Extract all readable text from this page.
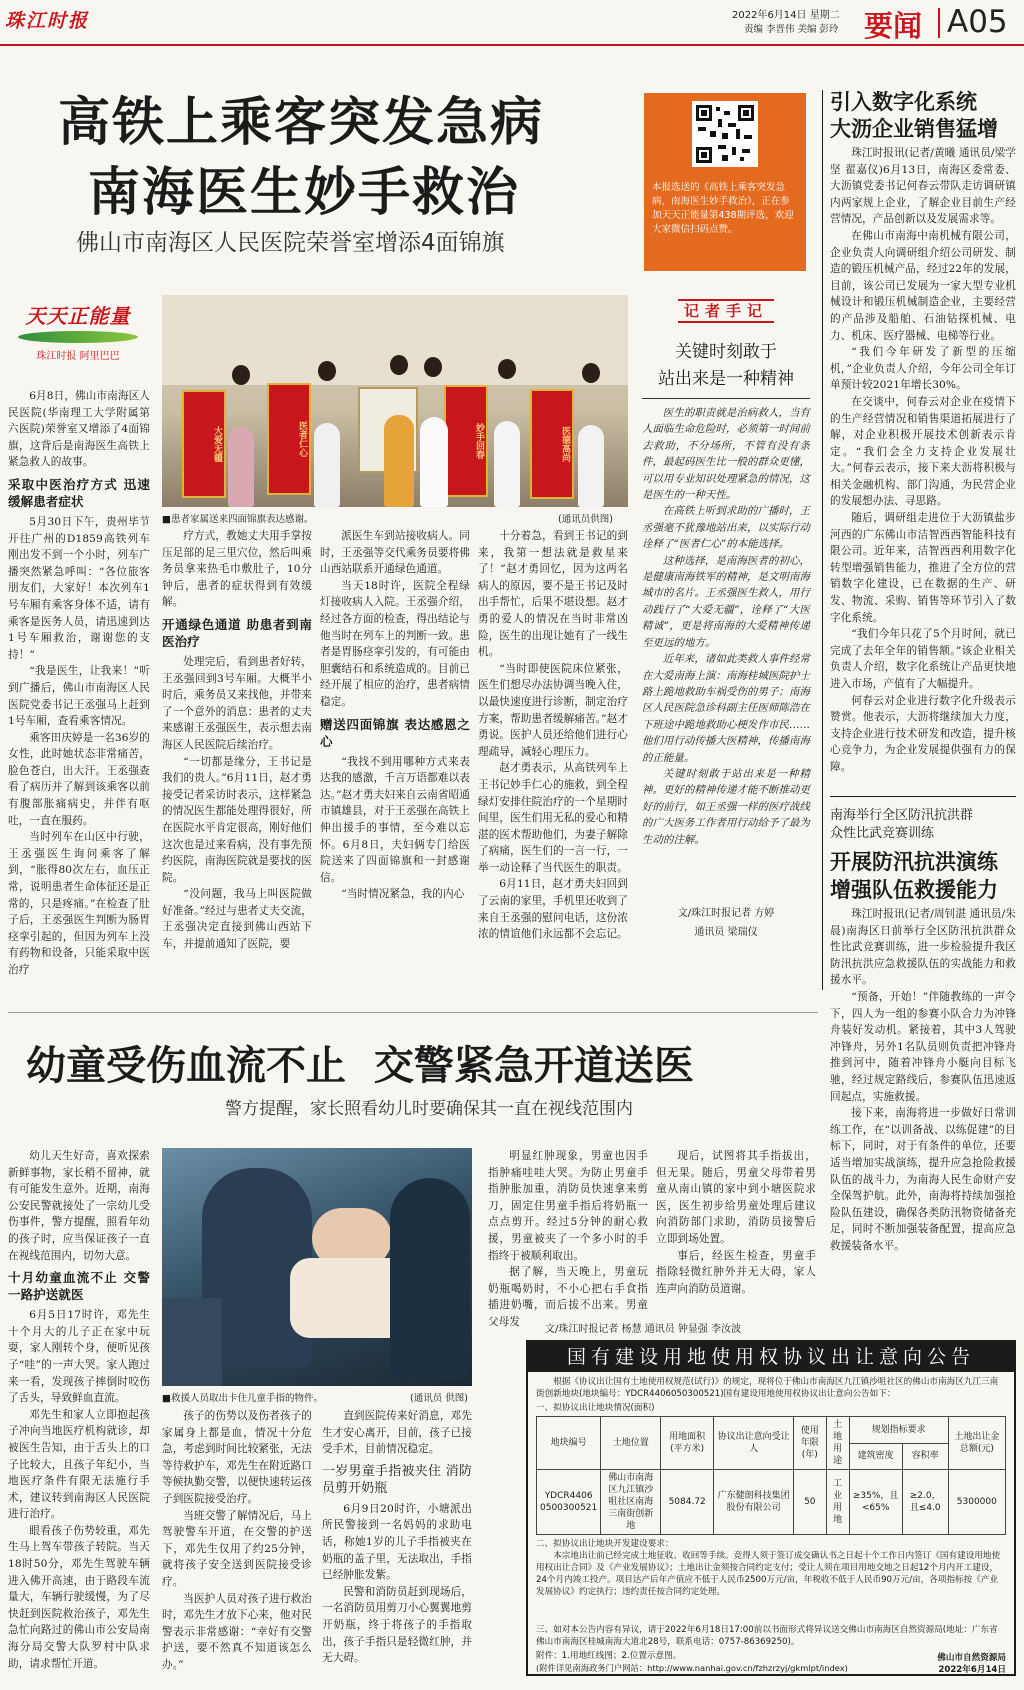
珠江时报	2022年6月14日 星期二
责编 李晋伟 美编 彭玲 要闻 A05
高铁上乘客突发急病
南海医生妙手救治
佛山市南海区人民医院荣誉室增添4面锦旗
本报选送的《高铁上乘客突发急病，南海医生妙手救治》，正在参加天天正能量第438期评选，欢迎大家微信扫码点赞。
天天正能量
珠江时报 阿里巴巴

6月8日，佛山市南海区人民医院(华南理工大学附属第六医院)荣誉室又增添了4面锦旗，这背后是南海医生高铁上紧急救人的故事。

采取中医治疗方式 迅速缓解患者症状

5月30日下午，贵州毕节开往广州的D1859高铁列车刚出发不到一个小时，列车广播突然紧急呼叫：“各位旅客朋友们，大家好！本次列车1号车厢有乘客身体不适，请有乘客是医务人员，请迅速到达1号车厢救治，谢谢您的支持！”

“我是医生，让我来！”听到广播后，佛山市南海区人民医院党委书记王丞强马上赶到1号车厢，查看乘客情况。

乘客田庆婷是一名36岁的女性，此时她状态非常痛苦，脸色苍白，出大汗。王丞强查看了病历并了解到该乘客以前有腹部胀痛病史，并伴有呕吐，一直在服药。

当时列车在山区中行驶，王丞强医生询问乘客了解到，“胀得80次左右，血压正常，说明患者生命体征还是正常的，只是疼痛。”在检查了肚子后，王丞强医生判断为肠胃痉挛引起的，但因为列车上没有药物和设备，只能采取中医治疗

大爱无疆	医者仁心	妙手回春	医德高尚
■患者家属送来四面锦旗表达感谢。	(通讯员供图)

疗方式，教她丈夫用手掌按压足部的足三里穴位，然后叫乘务员拿来热毛巾敷肚子，10分钟后，患者的症状得到有效缓解。

开通绿色通道 助患者到南医治疗

处理完后，看到患者好转，王丞强回到3号车厢。大概半小时后，乘务员又来找他，并带来了一个意外的消息：患者的丈夫来感谢王丞强医生，表示想去南海区人民医院后续治疗。

“一切都是缘分，王书记是我们的贵人。”6月11日，赵才勇接受记者采访时表示，这样紧急的情况医生都能处理得很好，所在医院水平肯定很高，刚好他们这次也是过来看病，没有事先预约医院，南海医院就是要找的医院。

“没问题，我马上叫医院做好准备。”经过与患者丈夫交流，王丞强决定直接到佛山西站下车，并提前通知了医院，要

派医生车到站接收病人。同时，王丞强等交代乘务员要将佛山西站联系开通绿色通道。

当天18时许，医院全程绿灯接收病人入院。王丞强介绍，经过各方面的检查，得出结论与他当时在列车上的判断一致。患者是胃肠痉挛引发的，有可能由胆囊结石和系统造成的。目前已经开展了相应的治疗，患者病情稳定。

赠送四面锦旗 表达感恩之心

“我找不到用哪种方式来表达我的感激，千言万语都难以表达。”赵才勇夫妇来自云南省昭通市镇雄县，对于王丞强在高铁上伸出援手的事情，至今难以忘怀。6月8日，夫妇俩专门给医院送来了四面锦旗和一封感谢信。

“当时情况紧急，我的内心

十分着急，看到王书记的到来，我第一想法就是救星来了！”赵才勇回忆，因为这两名病人的原因，要不是王书记及时出手帮忙，后果不堪设想。赵才勇的爱人的情况在当时非常凶险，医生的出现让她有了一线生机。

“当时即使医院床位紧张，医生们想尽办法协调当晚入住，以最快速度进行诊断，制定治疗方案，帮助患者缓解痛苦。”赵才勇说。医护人员还给他们进行心理疏导，减轻心理压力。

赵才勇表示，从高铁列车上王书记妙手仁心的施救，到全程绿灯安排住院治疗的一个星期时间里，医生们用无私的爱心和精湛的医术帮助他们，为妻子解除了病痛，医生们的一言一行，一举一动诠释了当代医生的职责。

6月11日，赵才勇夫妇回到了云南的家里，手机里还收到了来自王丞强的慰问电话，这份浓浓的情谊他们永远都不会忘记。

记者手记
关键时刻敢于
站出来是一种精神

医生的职责就是治病救人，当有人面临生命危险时，必须第一时间前去救助，不分场所，不管有没有条件，最起码医生比一般的群众更懂，可以用专业知识处理紧急的情况，这是医生的一种天性。

在高铁上听到求助的广播时，王丞强毫不犹豫地站出来，以实际行动诠释了“医者仁心”的本能选择。

这种选择，是南海医者的初心，是健康南海铁军的精神，是文明南海城市的名片。王丞强医生救人，用行动践行了“大爱无疆”，诠释了“大医精诚”，更是将南海的大爱精神传递至更远的地方。

近年来，诸如此类救人事件经常在大爱南海上演：南海桂城医院护士路上跪地救助车祸受伤的男子；南海区人民医院急诊科副主任医师陈浩在下班途中跪地救助心梗发作市民……他们用行动传播大医精神，传播南海的正能量。

关键时刻敢于站出来是一种精神。更好的精神传递才能不断推动更好的前行，如王丞强一样的医疗战线的广大医务工作者用行动给予了最为生动的注解。

文/珠江时报记者 方婷
通讯员 梁瑞仪
引入数字化系统
大沥企业销售猛增

珠江时报讯(记者/黄曦 通讯员/梁学坚 翟嘉仪)6月13日，南海区委常委、大沥镇党委书记何春云带队走访调研镇内两家规上企业，了解企业目前生产经营情况，产品创新以及发展需求等。

在佛山市南海中南机械有限公司，企业负责人向调研组介绍公司研发、制造的锻压机械产品，经过22年的发展，目前，该公司已发展为一家大型专业机械设计和锻压机械制造企业，主要经营的产品涉及船舶、石油钻探机械、电力、机床、医疗器械、电梯等行业。

“我们今年研发了新型的压缩机，”企业负责人介绍，今年公司全年订单预计较2021年增长30%。

在交谈中，何春云对企业在疫情下的生产经营情况和销售渠道拓展进行了解，对企业积极开展技术创新表示肯定。“我们会全力支持企业发展壮大。”何春云表示，接下来大沥将积极与相关金融机构、部门沟通，为民营企业的发展想办法、寻思路。

随后，调研组走进位于大沥镇盐步河西的广东佛山市洁智西西智能科技有限公司。近年来，洁智西西利用数字化转型增强销售能力，推进了全方位的营销数字化建设，已在数据的生产、研发、物流、采购、销售等环节引入了数字化系统。

“我们今年只花了5个月时间，就已完成了去年全年的销售额。”该企业相关负责人介绍，数字化系统让产品更快地进入市场，产值有了大幅提升。

何春云对企业进行数字化升级表示赞赏。他表示，大沥将继续加大力度，支持企业进行技术研发和改造，提升核心竞争力，为企业发展提供强有力的保障。

南海举行全区防汛抗洪群
众性比武竞赛训练
开展防汛抗洪演练
增强队伍救援能力

珠江时报讯(记者/周钊湛 通讯员/朱晨)南海区日前举行全区防汛抗洪群众性比武竞赛训练，进一步检验提升我区防汛抗洪应急救援队伍的实战能力和救援水平。

“预备，开始！”伴随教练的一声令下，四人为一组的参赛小队合力为冲锋舟装好发动机。紧接着，其中3人驾驶冲锋舟，另外1名队员则负责把冲锋舟推到河中，随着冲锋舟小艇向目标飞驰，经过规定路线后，参赛队伍迅速返回起点，实施救援。

接下来，南海将进一步做好日常训练工作，在“以训备战、以练促建”的目标下，同时，对于有条件的单位，还要适当增加实战演练，提升应急抢险救援队伍的战斗力，为南海人民生命财产安全保驾护航。此外，南海将持续加强抢险队伍建设，确保各类防汛物资储备充足，同时不断加强装备配置，提高应急救援装备水平。

幼童受伤血流不止  交警紧急开道送医
警方提醒，家长照看幼儿时要确保其一直在视线范围内

幼儿天生好奇，喜欢探索新鲜事物，家长稍不留神，就有可能发生意外。近期，南海公安民警就接处了一宗幼儿受伤事件，警方提醒，照看年幼的孩子时，应当保证孩子一直在视线范围内，切勿大意。

十月幼童血流不止 交警一路护送就医

6月5日17时许，邓先生十个月大的儿子正在家中玩耍，家人刚转个身，便听见孩子“哇”的一声大哭。家人跑过来一看，发现孩子摔倒时咬伤了舌头，导致鲜血直流。

邓先生和家人立即抱起孩子冲向当地医疗机构就诊，却被医生告知，由于舌头上的口子比较大，且孩子年纪小，当地医疗条件有限无法施行手术，建议转到南海区人民医院进行治疗。

眼看孩子伤势较重，邓先生马上驾车带孩子转院。当天18时50分，邓先生驾驶车辆进入佛开高速，由于路段车流量大，车辆行驶缓慢，为了尽快赶到医院救治孩子，邓先生急忙向路过的佛山市公安局南海分局交警大队罗村中队求助，请求帮忙开道。

■救援人员取出卡住儿童手指的物件。	(通讯员 供图)

孩子的伤势以及伤者孩子的家属身上都是血，情况十分危急，考虑到时间比较紧张，无法等待救护车，邓先生在附近路口等候执勤交警，以便快速转运孩子到医院接受治疗。

当班交警了解情况后，马上驾驶警车开道，在交警的护送下，邓先生仅用了约25分钟，就将孩子安全送到医院接受诊疗。

当医护人员对孩子进行救治时，邓先生才放下心来，他对民警表示非常感谢：“幸好有交警护送，要不然真不知道该怎么办。”

直到医院传来好消息，邓先生才安心离开，目前，孩子已接受手术，目前情况稳定。

一岁男童手指被夹住 消防员剪开奶瓶

6月9日20时许，小塘派出所民警接到一名妈妈的求助电话，称她1岁的儿子手指被夹在奶瓶的盖子里，无法取出，手指已经肿胀发紫。

民警和消防员赶到现场后，一名消防员用剪刀小心翼翼地剪开奶瓶，终于将孩子的手指取出，孩子手指只是轻微红肿，并无大碍。

明显红肿现象，男童也因手指肿痛哇哇大哭。为防止男童手指肿胀加重，消防员快速拿来剪刀，固定住男童手指后将奶瓶一点点剪开。经过5分钟的耐心救援，男童被夹了一个多小时的手指终于被顺利取出。

据了解，当天晚上，男童玩奶瓶喝奶时，不小心把右手食指插进奶嘴，而后拔不出来。男童父母发

现后，试图将其手指拔出，但无果。随后，男童父母带着男童从南山镇的家中到小塘医院求医，医生初步给男童处理后建议向消防部门求助，消防员接警后立即到场处置。

事后，经医生检查，男童手指除轻微红肿外并无大碍，家人连声向消防员道谢。

文/珠江时报记者 杨慧 通讯员 钟显强 李汝波
国有建设用地使用权协议出让意向公告
根据《协议出让国有土地使用权规范(试行)》的规定，现将位于佛山市南海区九江镇沙咀社区的佛山市南海区九江三南街创新地块(地块编号：YDCR4406050300521)国有建设用地使用权协议出让意向公告如下：
一、拟协议出让地块情况(面积)
地块编号	土地位置	用地面积(平方米)	协议出让意向受让人	使用年限(年)	土地用途	规划指标要求		土地出让金总额(元)
						建筑密度	容积率	
YDCR4406 0500300521	佛山市南海区九江镇沙咀社区南海三南街创新地	5084.72	广东健朗科技集团股份有限公司	50	工业用地	≥35%，且<65%	≥2.0，且≤4.0	5300000
二、拟协议出让地块开发建设要求：
本宗地出让前已经完成土地征收、收回等手续。竞得人须于签订成交确认书之日起十个工作日内签订《国有建设用地使用权出让合同》及《产业发展协议》；土地出让金须按合同约定支付；受让人须在项目用地交地之日起12个月内开工建设，24个月内竣工投产。项目达产后年产值应不低于人民币2500万元/亩，年税收不低于人民币90万元/亩，各项指标按《产业发展协议》约定执行；违约责任按合同约定处理。
三、如对本公告内容有异议，请于2022年6月18日17:00前以书面形式将异议送交佛山市南海区自然资源局(地址：广东省佛山市南海区桂城南海大道北28号，联系电话：0757-86369250)。
附件：1.用地红线图；2.位置示意图。
(附件详见南海政务门户网站：http://www.nanhai.gov.cn/fzhzrzyj/gkmlpt/index)
佛山市自然资源局
2022年6月14日
